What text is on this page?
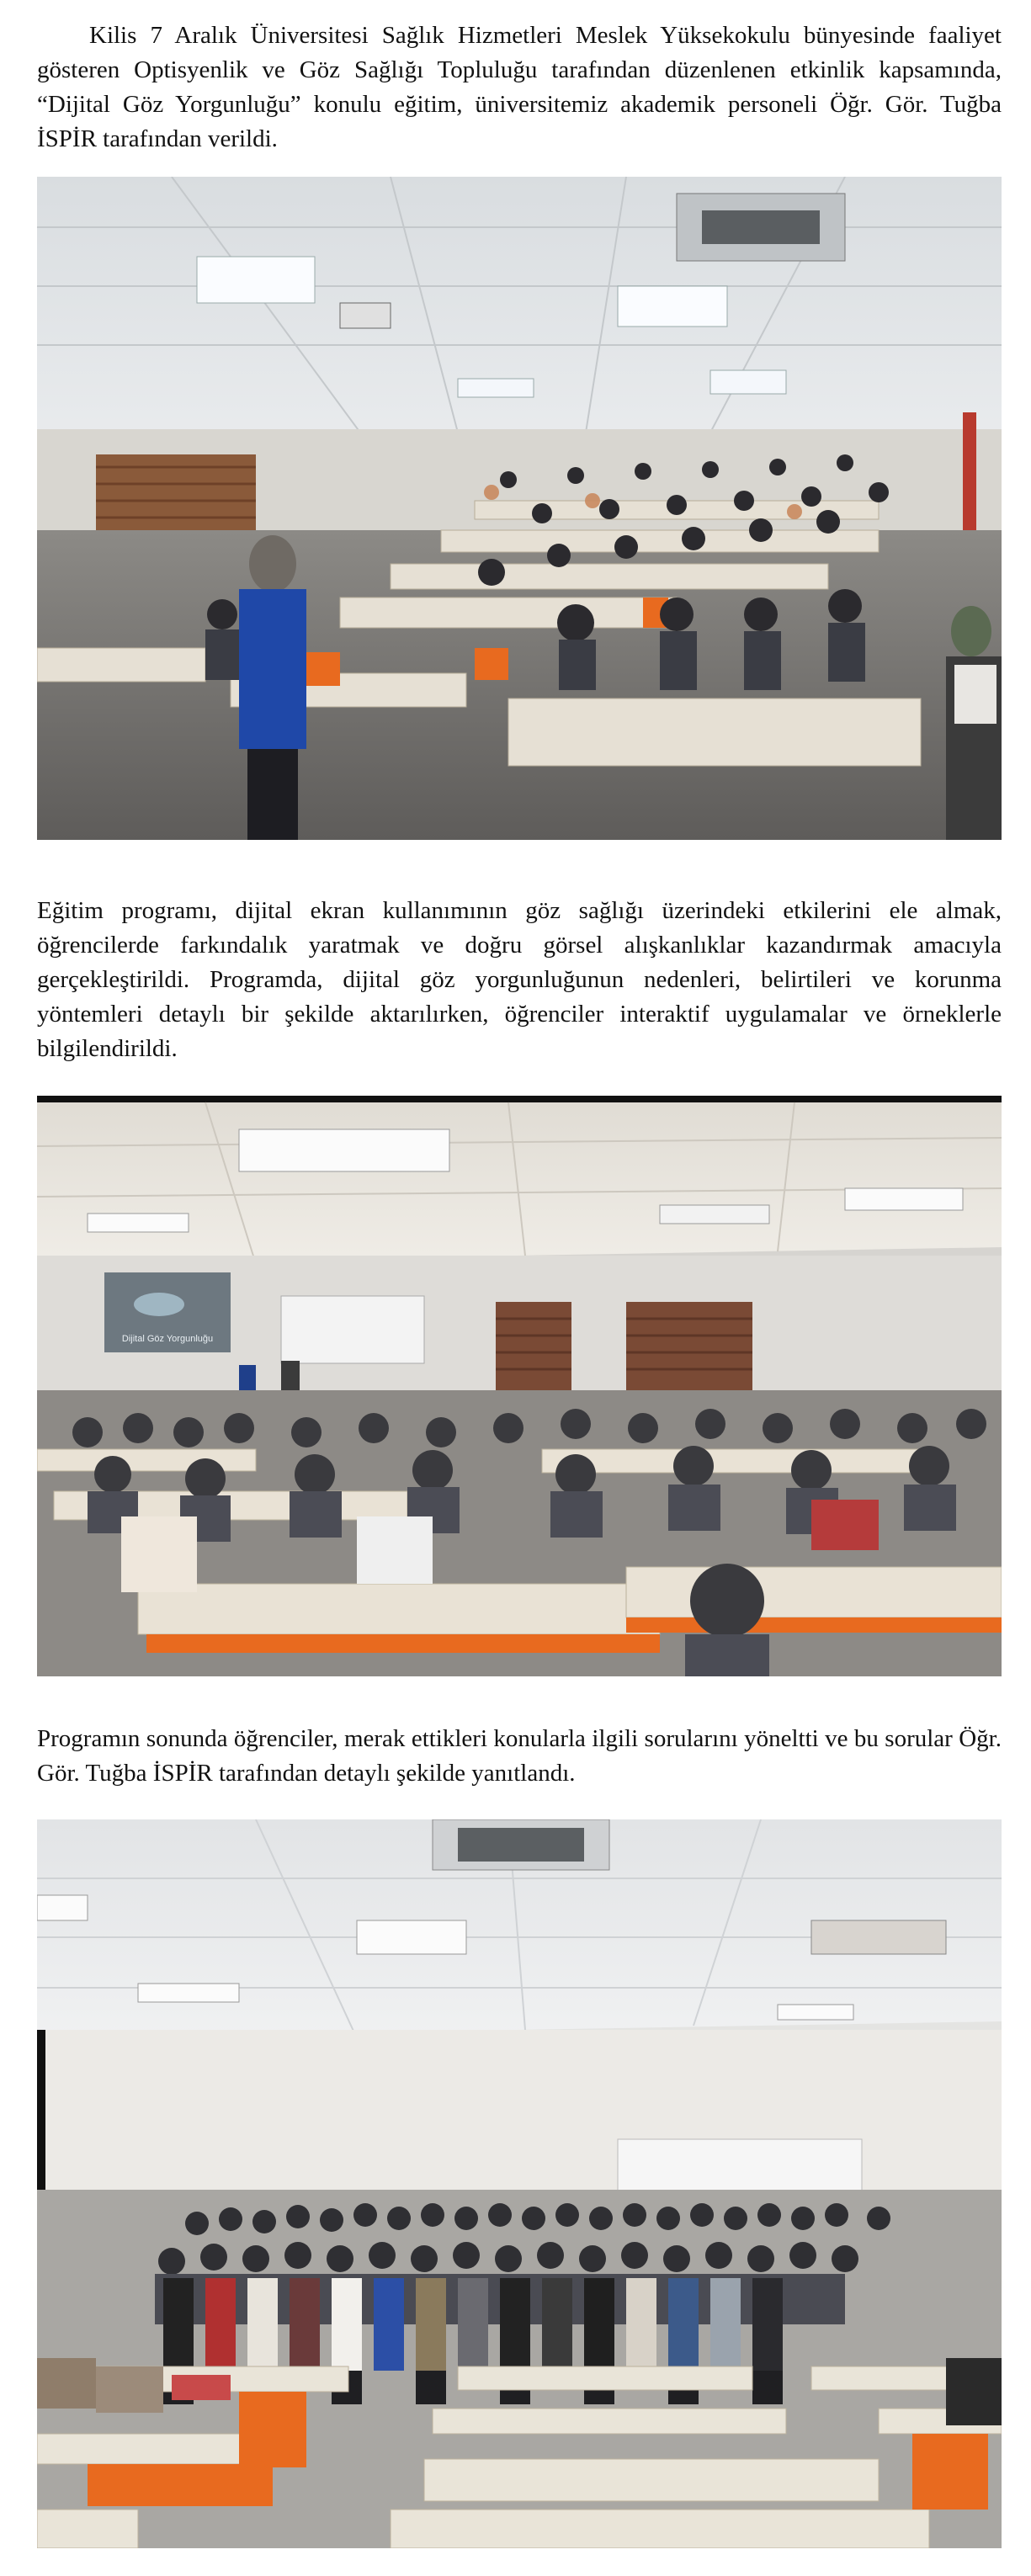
Kilis 7 Aralık Üniversitesi Sağlık Hizmetleri Meslek Yüksekokulu bünyesinde faaliyet gösteren Optisyenlik ve Göz Sağlığı Topluluğu tarafından düzenlenen etkinlik kapsamında, “Dijital Göz Yorgunluğu” konulu eğitim, üniversitemiz akademik personeli Öğr. Gör. Tuğba İSPİR tarafından verildi.

Eğitim programı, dijital ekran kullanımının göz sağlığı üzerindeki etkilerini ele almak, öğrencilerde farkındalık yaratmak ve doğru görsel alışkanlıklar kazandırmak amacıyla gerçekleştirildi. Programda, dijital göz yorgunluğunun nedenleri, belirtileri ve korunma yöntemleri detaylı bir şekilde aktarılırken, öğrenciler interaktif uygulamalar ve örneklerle bilgilendirildi.

Dijital Göz Yorgunluğu

Programın sonunda öğrenciler, merak ettikleri konularla ilgili sorularını yöneltti ve bu sorular Öğr. Gör. Tuğba İSPİR tarafından detaylı şekilde yanıtlandı.
